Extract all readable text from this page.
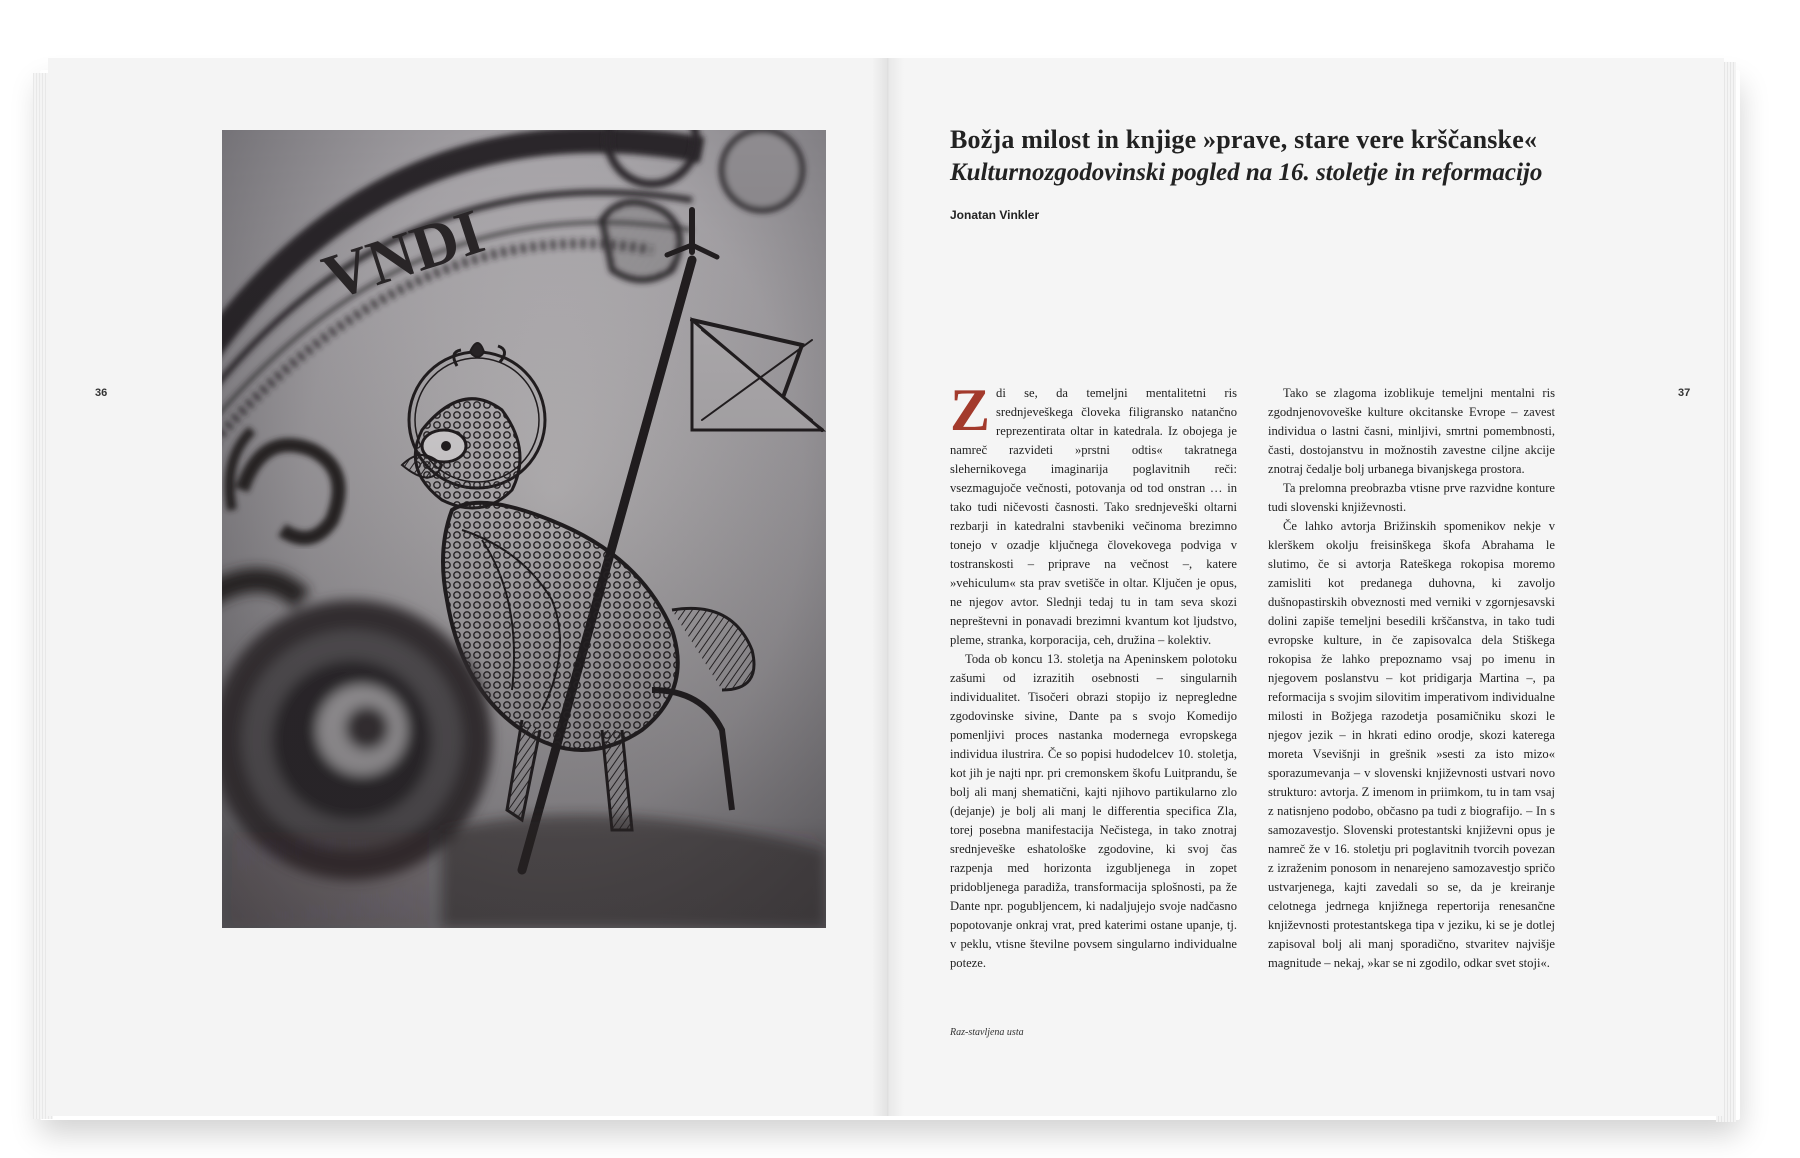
36	37
Božja milost in knjige »prave, stare vere krščanske«
Kulturnozgodovinski pogled na 16. stoletje in reformacijo
Jonatan Vinkler

Zdi se, da temeljni mentalitetni ris srednjeveškega človeka filigransko natančno reprezentirata oltar in katedrala. Iz obojega je namreč razvideti »prstni odtis« takratnega slehernikovega imaginarija poglavitnih reči: vsezmagujoče večnosti, potovanja od tod onstran … in tako tudi ničevosti časnosti. Tako srednjeveški oltarni rezbarji in katedralni stavbeniki večinoma brezimno tonejo v ozadje ključnega človekovega podviga v tostranskosti – priprave na večnost –, katere »vehiculum« sta prav svetišče in oltar. Ključen je opus, ne njegov avtor. Slednji tedaj tu in tam seva skozi nepreštevni in ponavadi brezimni kvantum kot ljudstvo, pleme, stranka, korporacija, ceh, družina – kolektiv.

Toda ob koncu 13. stoletja na Apeninskem polotoku zašumi od izrazitih osebnosti – singularnih individualitet. Tisočeri obrazi stopijo iz nepregledne zgodovinske sivine, Dante pa s svojo Komedijo pomenljivi proces nastanka modernega evropskega individua ilustrira. Če so popisi hudodelcev 10. stoletja, kot jih je najti npr. pri cremonskem škofu Luitprandu, še bolj ali manj shematični, kajti njihovo partikularno zlo (dejanje) je bolj ali manj le differentia specifica Zla, torej posebna manifestacija Nečistega, in tako znotraj srednjeveške eshatološke zgodovine, ki svoj čas razpenja med horizonta izgubljenega in zopet pridobljenega paradiža, transformacija splošnosti, pa že Dante npr. pogubljencem, ki nadaljujejo svoje nadčasno popotovanje onkraj vrat, pred katerimi ostane upanje, tj. v peklu, vtisne številne povsem singularno individualne poteze.

Tako se zlagoma izoblikuje temeljni mentalni ris zgodnjenovoveške kulture okcitanske Evrope – zavest individua o lastni časni, minljivi, smrtni pomembnosti, časti, dostojanstvu in možnostih zavestne ciljne akcije znotraj čedalje bolj urbanega bivanjskega prostora.

Ta prelomna preobrazba vtisne prve razvidne konture tudi slovenski književnosti.

Če lahko avtorja Brižinskih spomenikov nekje v klerškem okolju freisinškega škofa Abrahama le slutimo, če si avtorja Rateškega rokopisa moremo zamisliti kot predanega duhovna, ki zavoljo dušnopastirskih obveznosti med verniki v zgornjesavski dolini zapiše temeljni besedili krščanstva, in tako tudi evropske kulture, in če zapisovalca dela Stiškega rokopisa že lahko prepoznamo vsaj po imenu in njegovem poslanstvu – kot pridigarja Martina –, pa reformacija s svojim silovitim imperativom individualne milosti in Božjega razodetja posamičniku skozi le njegov jezik – in hkrati edino orodje, skozi katerega moreta Vsevišnji in grešnik »sesti za isto mizo« sporazumevanja – v slovenski književnosti ustvari novo strukturo: avtorja. Z imenom in priimkom, tu in tam vsaj z natisnjeno podobo, občasno pa tudi z biografijo. – In s samozavestjo. Slovenski protestantski književni opus je namreč že v 16. stoletju pri poglavitnih tvorcih povezan z izraženim ponosom in nenarejeno samozavestjo spričo ustvarjenega, kajti zavedali so se, da je kreiranje celotnega jedrnega knjižnega repertorija renesančne književnosti protestantskega tipa v jeziku, ki se je dotlej zapisoval bolj ali manj sporadično, stvaritev najvišje magnitude – nekaj, »kar se ni zgodilo, odkar svet stoji«.

Raz-stavljena usta
